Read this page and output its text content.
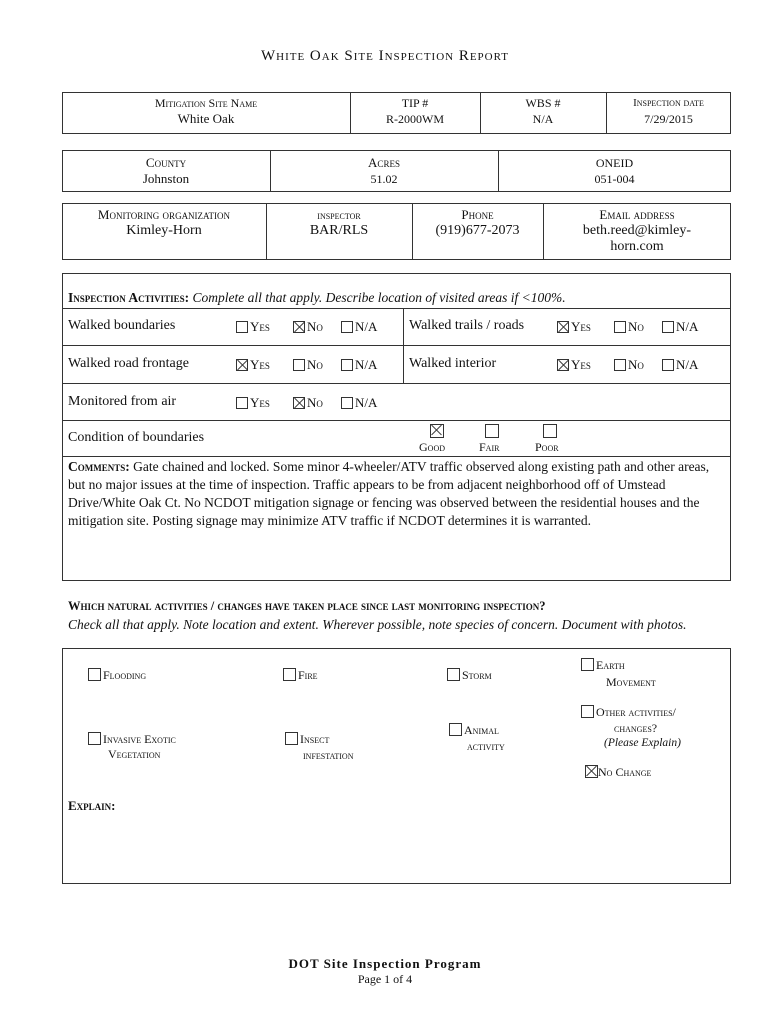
White Oak Site Inspection Report
Mitigation Site Name
White Oak
TIP #
R-2000WM
WBS #
N/A
Inspection date
7/29/2015
County
Johnston
Acres
51.02
ONEID
051-004
Monitoring organization
Kimley-Horn
inspector
BAR/RLS
Phone
(919)677-2073
Email address
beth.reed@kimley-
horn.com
Inspection Activities: Complete all that apply. Describe location of visited areas if <100%.
Walked boundaries	Yes	No	N/A Walked trails / roads	Yes	No	N/A
Walked road frontage	Yes	No	N/A Walked interior	Yes	No	N/A
Monitored from air	Yes	No	N/A
Condition of boundaries
Good	Fair	Poor
Comments: Gate chained and locked. Some minor 4-wheeler/ATV traffic observed along existing path and other areas, but no major issues at the time of inspection. Traffic appears to be from adjacent neighborhood off of Umstead Drive/White Oak Ct. No NCDOT mitigation signage or fencing was observed between the residential houses and the mitigation site. Posting signage may minimize ATV traffic if NCDOT determines it is warranted.
Which natural activities / changes have taken place since last monitoring inspection?
Check all that apply. Note location and extent. Wherever possible, note species of concern. Document with photos.
Flooding	Fire	Storm
Earth
Movement
Other activities/
changes?
(Please Explain)
Invasive Exotic
Vegetation
Insect
infestation
Animal
activity
No Change
Explain:
DOT Site Inspection Program
Page 1 of 4
